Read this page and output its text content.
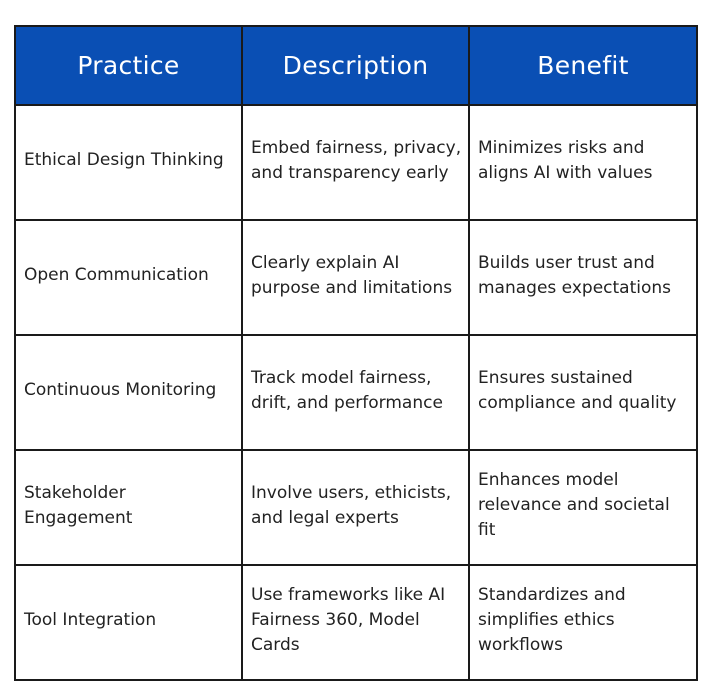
Practice	Description	Benefit
Ethical Design Thinking	Embed fairness, privacy, and transparency early	Minimizes risks and aligns AI with values
Open Communication	Clearly explain AI purpose and limitations	Builds user trust and manages expectations
Continuous Monitoring	Track model fairness, drift, and performance	Ensures sustained compliance and quality
Stakeholder Engagement	Involve users, ethicists, and legal experts	Enhances model relevance and societal fit
Tool Integration	Use frameworks like AI Fairness 360, Model Cards	Standardizes and simplifies ethics workflows
